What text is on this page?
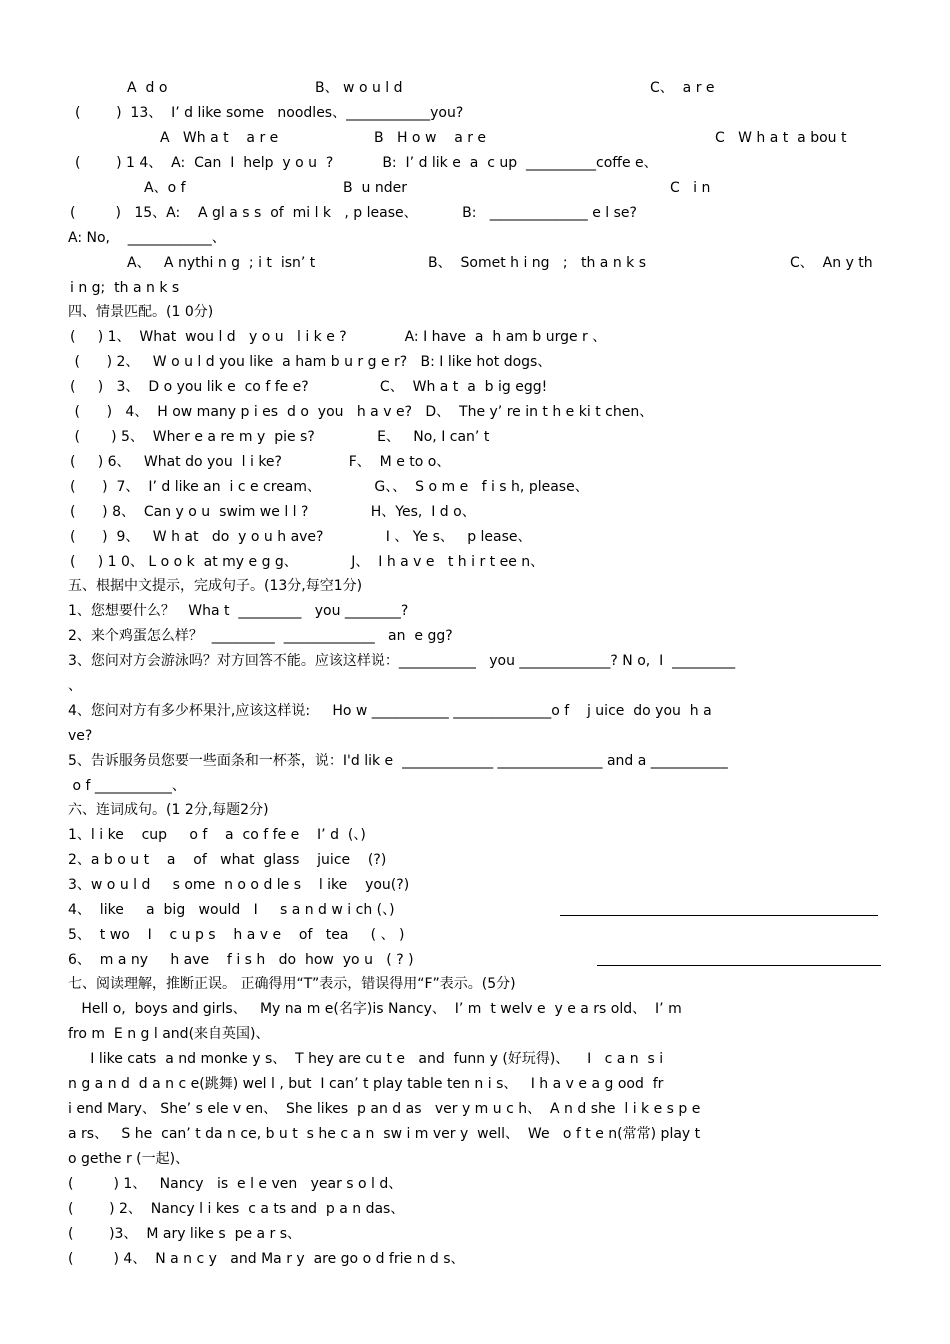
A  d o	B、 w o u l d	C、  a r e
(        )  13、  I’ d like some   noodles、____________you?
A   Wh a t    a r e	B   H o w    a r e	C   W h a t  a bou t
(        ) 1 4、  A:  Can  I  help  y o u  ?           B:  I’ d lik e  a  c up  __________coffe e、
A、o f	B  u nder	C   i n
(         )   15、A:    A gl a s s  of  mi l k   , p lease、          B:   ______________ e l se?
A: No,    ____________、
A、   A nythi n g  ; i t  isn’ t	B、  Somet h i ng   ;   th a n k s	C、  An y th
i n g;  th a n k s
四、情景匹配。(1 0分)
(     ) 1、  What  wou l d   y o u   l i k e ?             A: I have  a  h am b urge r 、
(      ) 2、   W o u l d you like  a ham b u r g e r?   B: I like hot dogs、
(     )   3、  D o you lik e  co f fe e?                C、  Wh a t  a  b ig egg!
(      )   4、  H ow many p i es  d o  you   h a v e?   D、  The y’ re in t h e ki t chen、
(       ) 5、  Wher e a re m y  pie s?              E、   No, I can’ t
(     ) 6、   What do you  l i ke?               F、  M e to o、
(      )  7、  I’ d like an  i c e cream、            G、、  S o m e   f i s h, please、
(      ) 8、  Can y o u  swim we l l ?              H、Yes,  I d o、
(      )  9、   W h at   do  y o u h ave?              I 、 Ye s、   p lease、
(     ) 1 0、 L o o k  at my e g g、            J、  I h a v e   t h i r t ee n、
五、根据中文提示，完成句子。(13分,每空1分)
1、您想要什么？   Wha t  _________   you ________?
2、来个鸡蛋怎么样？  _________  _____________   an  e gg?
3、您问对方会游泳吗？对方回答不能。应该这样说：___________   you _____________? N o,  I  _________
、
4、您问对方有多少杯果汁,应该这样说:     Ho w ___________ ______________o f    j uice  do you  h a
ve?
5、告诉服务员您要一些面条和一杯茶，说：I'd lik e  _____________ _______________ and a ___________
o f ___________、
六、连词成句。(1 2分,每题2分)
1、l i ke    cup     o f    a  co f fe e    I’ d  (、)
2、a b o u t    a    of   what  glass    juice    (?)
3、w o u l d     s ome  n o o d le s    l ike    you(?)
4、  like     a  big   would   I     s a n d w i ch (、)
5、  t wo    I    c u p s    h a v e    of   tea     ( 、 )
6、  m a ny     h ave    f i s h   do  how  yo u   ( ? )
七、阅读理解，推断正误。 正确得用“T”表示，错误得用“F”表示。(5分)
Hell o,  boys and girls、   My na m e(名字)is Nancy、  I’ m  t welv e  y e a rs old、  I’ m
fro m  E n g l and(来自英国)、
I like cats  a nd monke y s、  T hey are cu t e   and  funn y (好玩得)、    I   c a n  s i
n g a n d  d a n c e(跳舞) wel l , but  I can’ t play table ten n i s、   I h a v e a g ood  fr
i end Mary、 She’ s ele v en、  She likes  p an d as   ver y m u c h、  A n d she  l i k e s p e
a rs、   S he  can’ t da n ce, b u t  s he c a n  sw i m ver y  well、  We   o f t e n(常常) play t
o gethe r (一起)、
(         ) 1、   Nancy   is  e l e ven   year s o l d、
(        ) 2、  Nancy l i kes  c a ts and  p a n das、
(        )3、  M ary like s  pe a r s、
(         ) 4、  N a n c y   and Ma r y  are go o d frie n d s、
